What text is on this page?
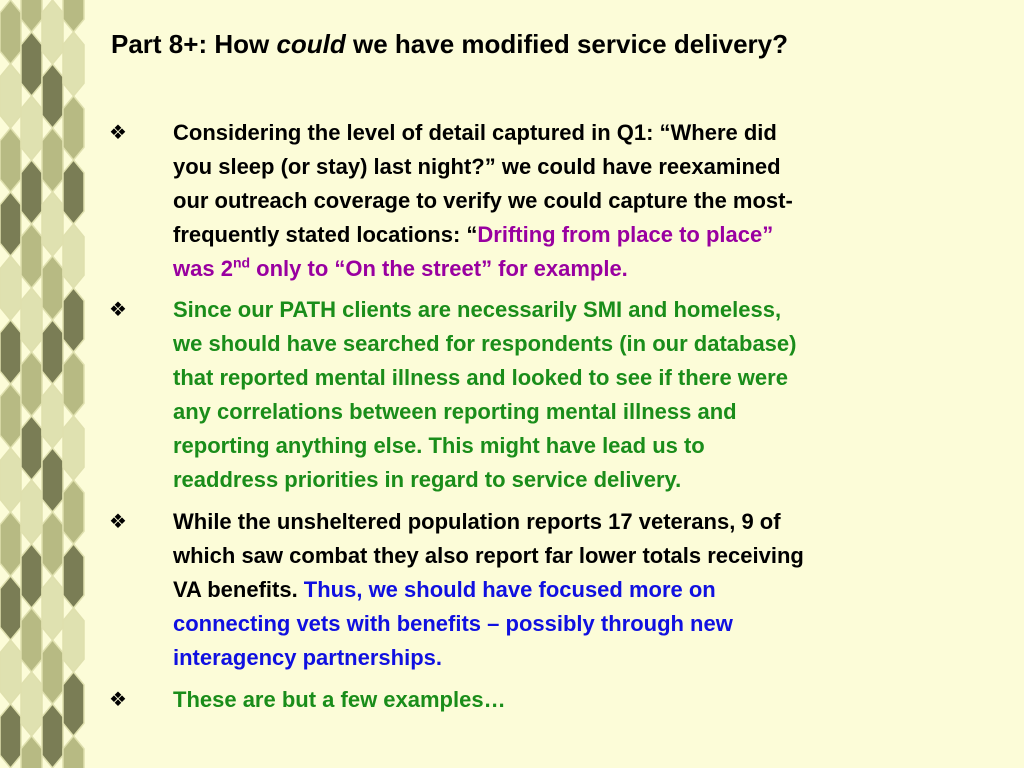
Part 8+: How could we have modified service delivery?
❖ Considering the level of detail captured in Q1: “Where did
you sleep (or stay) last night?” we could have reexamined
our outreach coverage to verify we could capture the most-
frequently stated locations: “Drifting from place to place”
was 2nd only to “On the street” for example.
❖ Since our PATH clients are necessarily SMI and homeless,
we should have searched for respondents (in our database)
that reported mental illness and looked to see if there were
any correlations between reporting mental illness and
reporting anything else. This might have lead us to
readdress priorities in regard to service delivery.
❖ While the unsheltered population reports 17 veterans, 9 of
which saw combat they also report far lower totals receiving
VA benefits. Thus, we should have focused more on
connecting vets with benefits – possibly through new
interagency partnerships.
❖ These are but a few examples…
